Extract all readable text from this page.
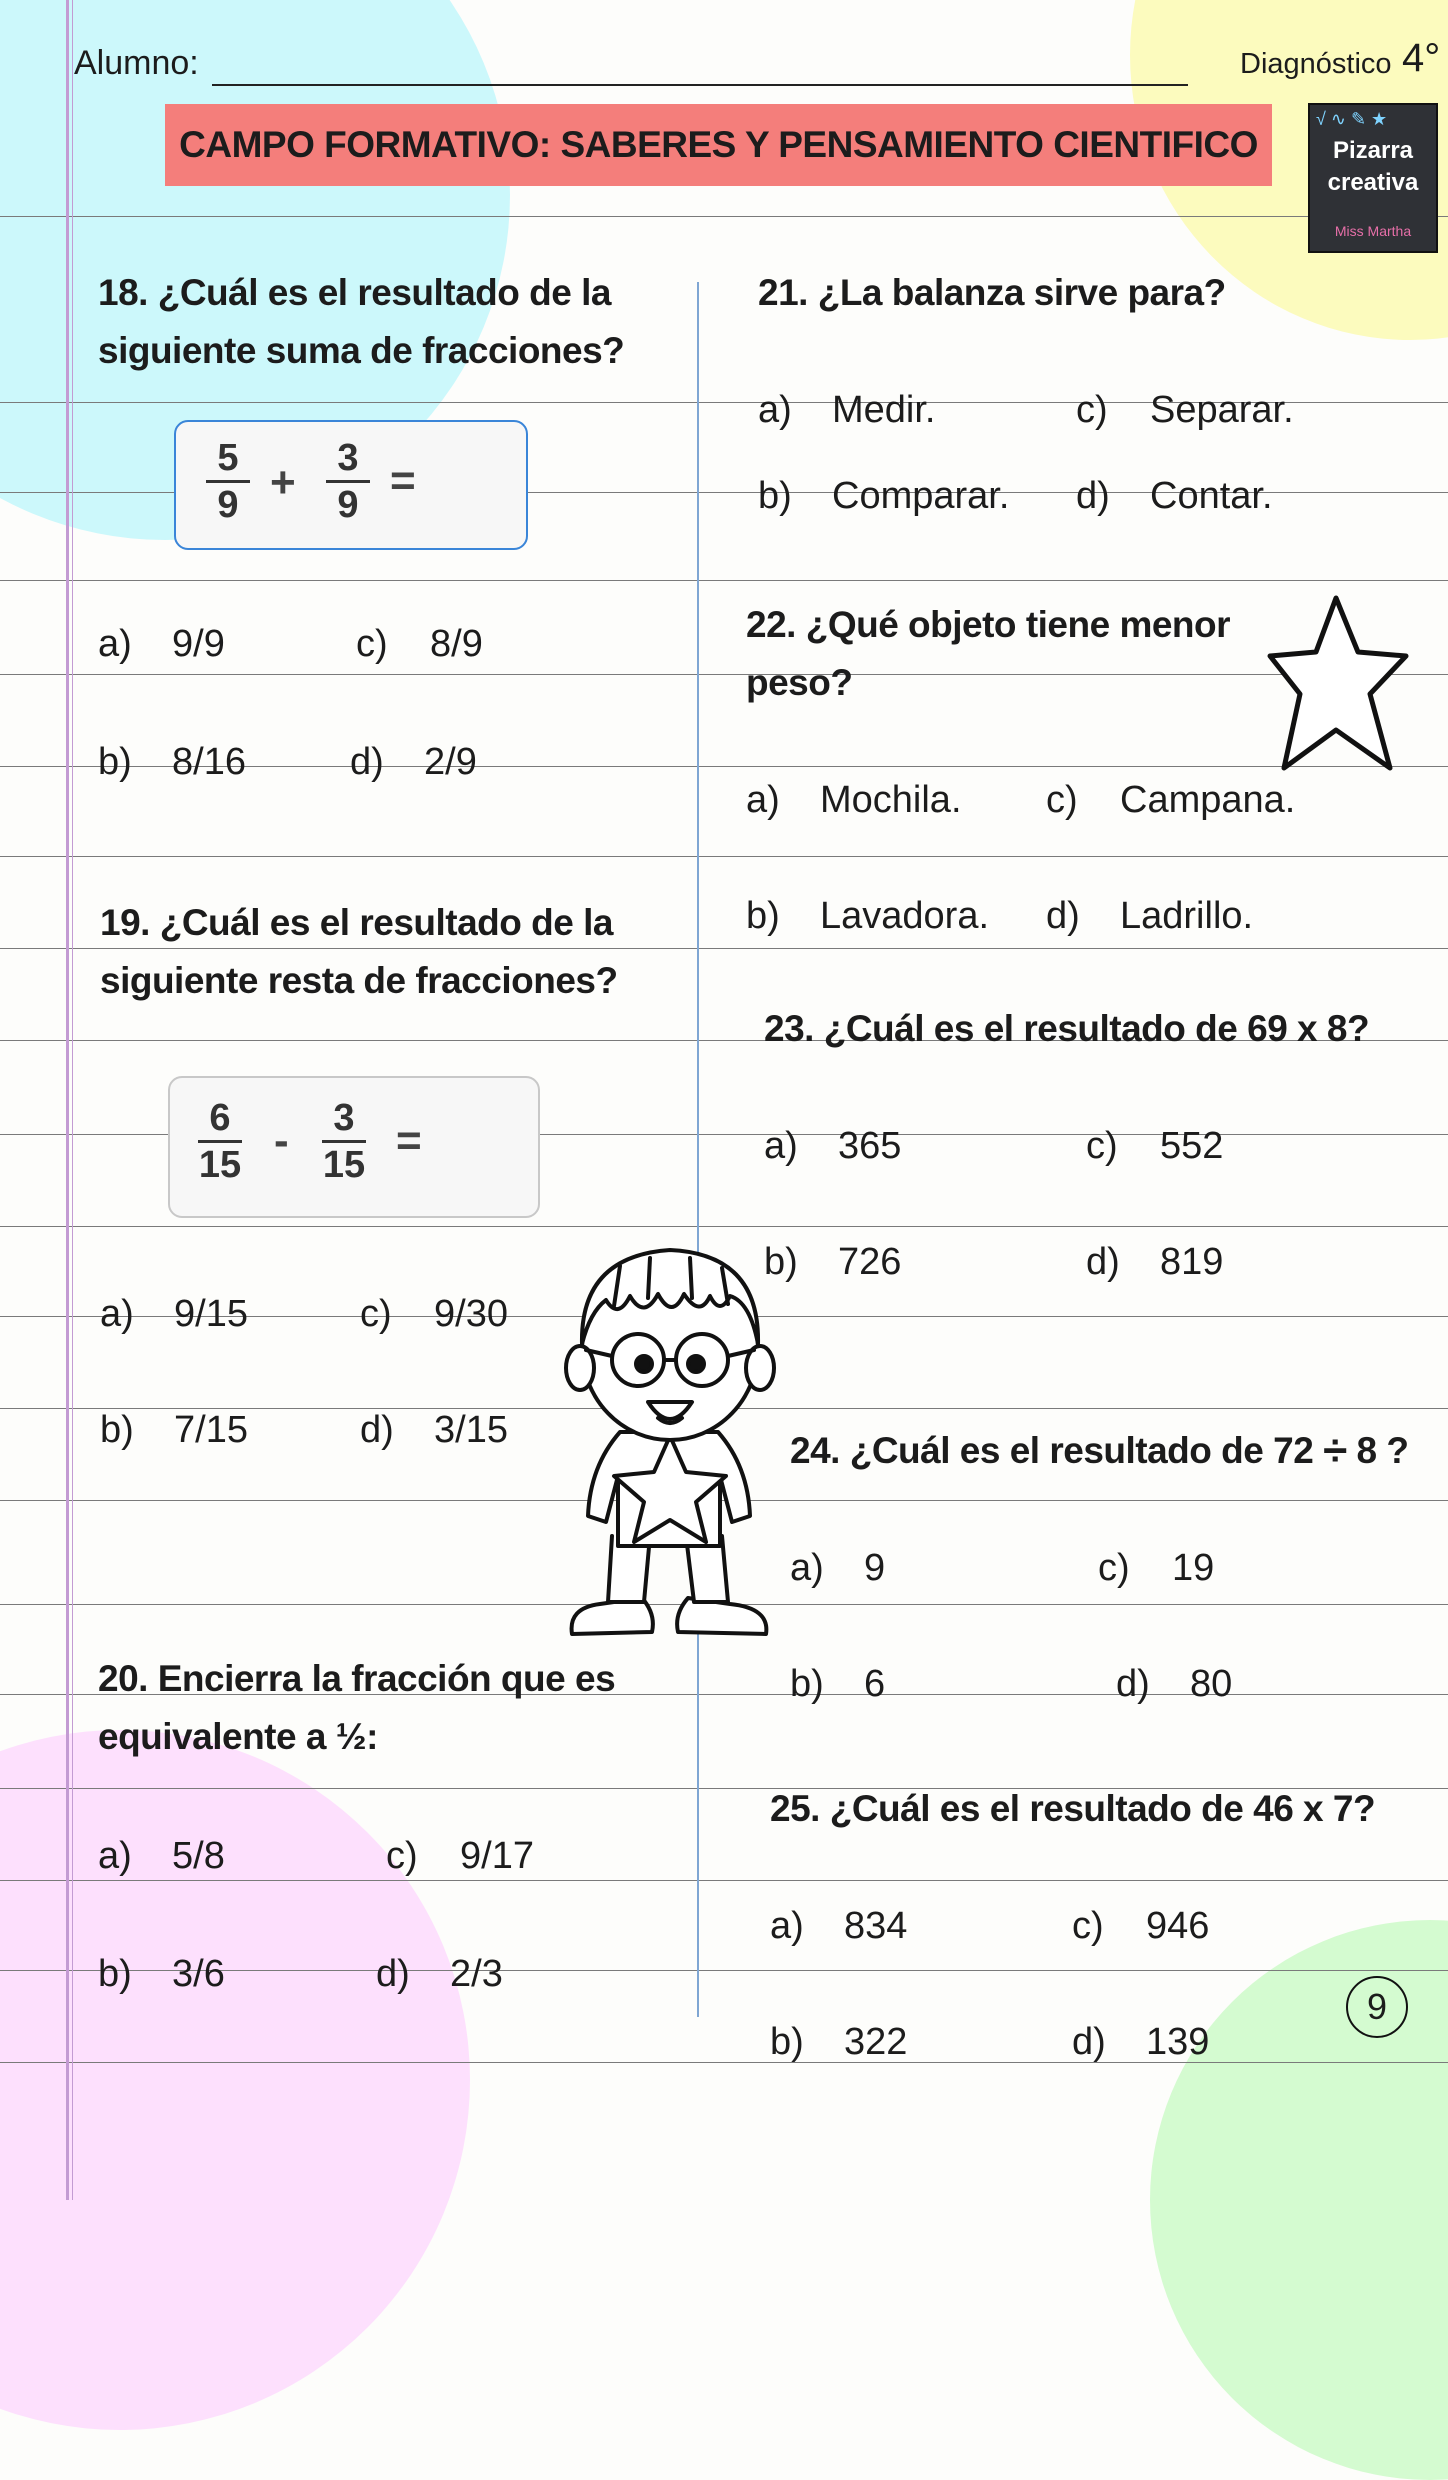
Alumno:	Diagnóstico 4°
CAMPO FORMATIVO: SABERES Y PENSAMIENTO CIENTIFICO	Pizarra
creativa
Miss Martha
√ ∿ ✎ ★
18. ¿Cuál es el resultado de la
siguiente suma de fracciones?
5
9 +	3
9 =
a) 9/9	c) 8/9
b) 8/16	d) 2/9
19. ¿Cuál es el resultado de la
siguiente resta de fracciones?
6
15 -	3
15 =
a) 9/15	c) 9/30
b) 7/15	d) 3/15
20. Encierra la fracción que es
equivalente a ½:
a) 5/8	c) 9/17
b) 3/6	d) 2/3
21. ¿La balanza sirve para?
a) Medir.	c) Separar.
b) Comparar. d) Contar.
22. ¿Qué objeto tiene menor
peso?
a) Mochila. c) Campana.
b) Lavadora. d) Ladrillo.
23. ¿Cuál es el resultado de 69 x 8?
a) 365	c) 552
b) 726	d) 819
24. ¿Cuál es el resultado de 72 ÷ 8 ?
a) 9	c) 19
b) 6	d) 80
25. ¿Cuál es el resultado de 46 x 7?
a) 834	c) 946
b) 322	d) 139
9
